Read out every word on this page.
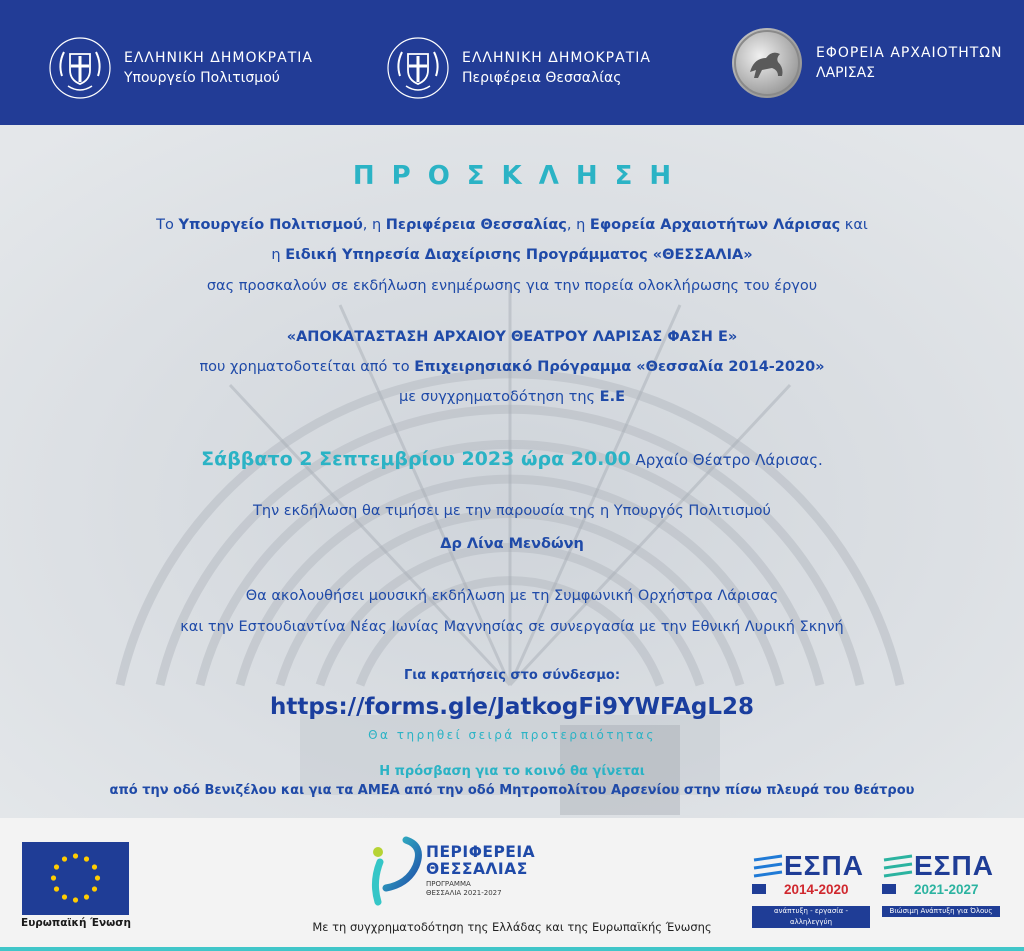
ΕΛΛΗΝΙΚΗ ΔΗΜΟΚΡΑΤΙΑ
Υπουργείο Πολιτισμού
ΕΛΛΗΝΙΚΗ ΔΗΜΟΚΡΑΤΙΑ
Περιφέρεια Θεσσαλίας
ΕΦΟΡΕΙΑ ΑΡΧΑΙΟΤΗΤΩΝ
ΛΑΡΙΣΑΣ
ΠΡΟΣΚΛΗΣΗ
Το Υπουργείο Πολιτισμού, η Περιφέρεια Θεσσαλίας, η Εφορεία Αρχαιοτήτων Λάρισας και
η Ειδική Υπηρεσία Διαχείρισης Προγράμματος «ΘΕΣΣΑΛΙΑ»
σας προσκαλούν σε εκδήλωση ενημέρωσης για την πορεία ολοκλήρωσης του έργου
«ΑΠΟΚΑΤΑΣΤΑΣΗ ΑΡΧΑΙΟΥ ΘΕΑΤΡΟΥ ΛΑΡΙΣΑΣ ΦΑΣΗ Ε»
που χρηματοδοτείται από το Επιχειρησιακό Πρόγραμμα «Θεσσαλία 2014-2020»
με συγχρηματοδότηση της Ε.Ε
Σάββατο 2 Σεπτεμβρίου 2023 ώρα 20.00 Αρχαίο Θέατρο Λάρισας.
Την εκδήλωση θα τιμήσει με την παρουσία της η Υπουργός Πολιτισμού
Δρ Λίνα Μενδώνη
Θα ακολουθήσει μουσική εκδήλωση με τη Συμφωνική Ορχήστρα Λάρισας
και την Εστουδιαντίνα Νέας Ιωνίας Μαγνησίας σε συνεργασία με την Εθνική Λυρική Σκηνή
Για κρατήσεις στο σύνδεσμο:
https://forms.gle/JatkogFi9YWFAgL28
Θα τηρηθεί σειρά προτεραιότητας
Η πρόσβαση για το κοινό θα γίνεται
από την οδό Βενιζέλου και για τα ΑΜΕΑ από την οδό Μητροπολίτου Αρσενίου στην πίσω πλευρά του θεάτρου
Ευρωπαϊκή Ένωση
ΠΕΡΙΦΕΡΕΙΑ
ΘΕΣΣΑΛΙΑΣ
ΠΡΟΓΡΑΜΜΑ
ΘΕΣΣΑΛΙΑ 2021-2027
Με τη συγχρηματοδότηση της Ελλάδας και της Ευρωπαϊκής Ένωσης
ΕΣΠΑ
2014-2020
ανάπτυξη - εργασία - αλληλεγγύη
ΕΣΠΑ
2021-2027
Βιώσιμη Ανάπτυξη για Όλους
